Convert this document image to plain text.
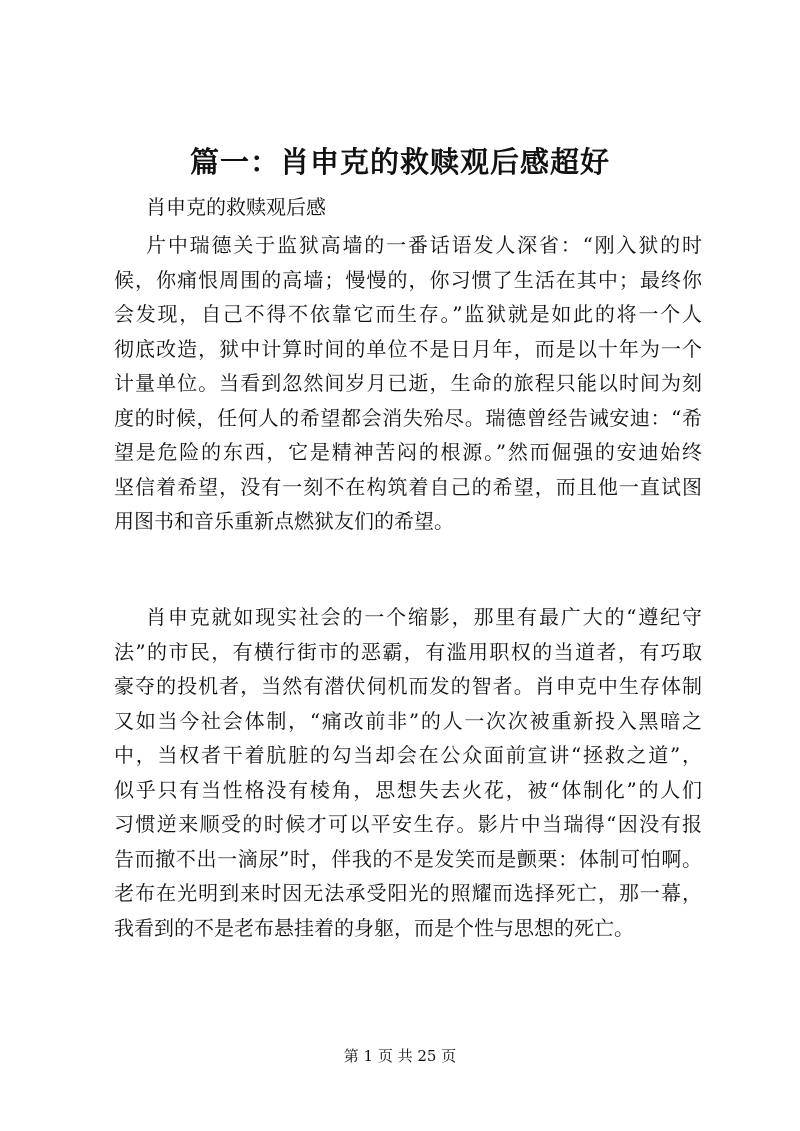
篇一：肖申克的救赎观后感超好

肖申克的救赎观后感

片中瑞德关于监狱高墙的一番话语发人深省：“刚入狱的时
候，你痛恨周围的高墙；慢慢的，你习惯了生活在其中；最终你
会发现，自己不得不依靠它而生存。”监狱就是如此的将一个人
彻底改造，狱中计算时间的单位不是日月年，而是以十年为一个
计量单位。当看到忽然间岁月已逝，生命的旅程只能以时间为刻
度的时候，任何人的希望都会消失殆尽。瑞德曾经告诫安迪：“希
望是危险的东西，它是精神苦闷的根源。”然而倔强的安迪始终
坚信着希望，没有一刻不在构筑着自己的希望，而且他一直试图
用图书和音乐重新点燃狱友们的希望。
肖申克就如现实社会的一个缩影，那里有最广大的“遵纪守
法”的市民，有横行街市的恶霸，有滥用职权的当道者，有巧取
豪夺的投机者，当然有潜伏伺机而发的智者。肖申克中生存体制
又如当今社会体制，“痛改前非”的人一次次被重新投入黑暗之
中，当权者干着肮脏的勾当却会在公众面前宣讲“拯救之道”，
似乎只有当性格没有棱角，思想失去火花，被“体制化”的人们
习惯逆来顺受的时候才可以平安生存。影片中当瑞得“因没有报
告而撤不出一滴尿”时，伴我的不是发笑而是颤栗：体制可怕啊。
老布在光明到来时因无法承受阳光的照耀而选择死亡，那一幕，
我看到的不是老布悬挂着的身躯，而是个性与思想的死亡。
第 1 页 共 25 页
